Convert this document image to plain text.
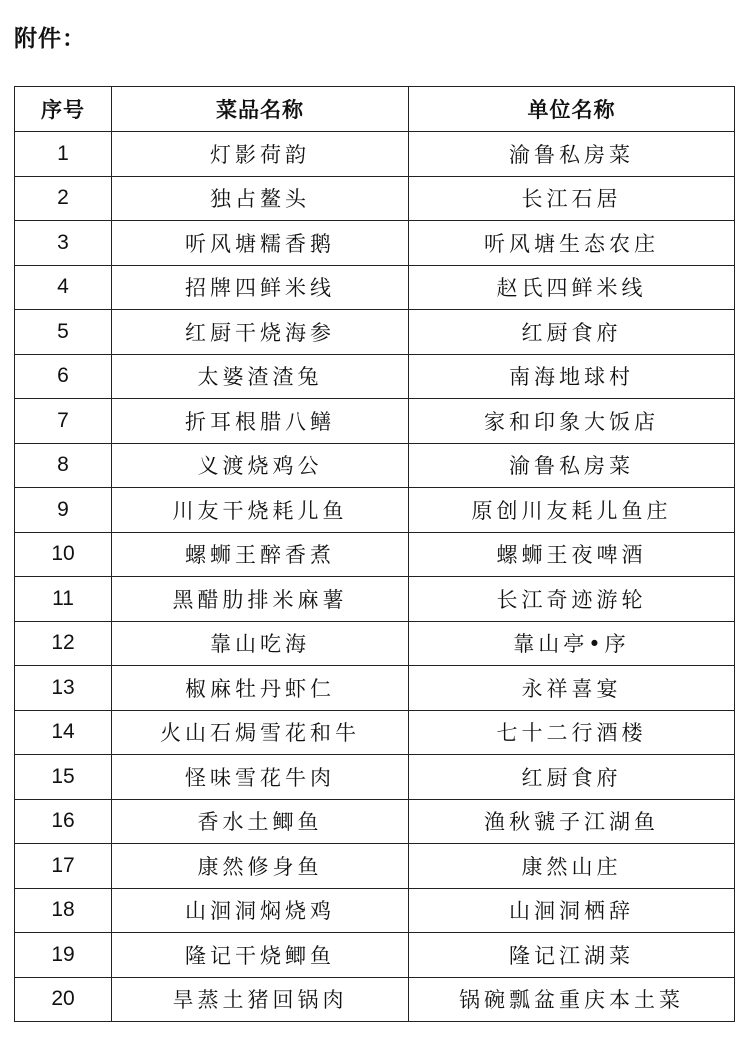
附件：
序号	菜品名称	单位名称
1	灯影荷韵	渝鲁私房菜
2	独占鳌头	长江石居
3	听风塘糯香鹅	听风塘生态农庄
4	招牌四鲜米线	赵氏四鲜米线
5	红厨干烧海参	红厨食府
6	太婆渣渣兔	南海地球村
7	折耳根腊八鳝	家和印象大饭店
8	义渡烧鸡公	渝鲁私房菜
9	川友干烧耗儿鱼	原创川友耗儿鱼庄
10	螺蛳王醉香煮	螺蛳王夜啤酒
11	黑醋肋排米麻薯	长江奇迹游轮
12	靠山吃海	靠山亭•序
13	椒麻牡丹虾仁	永祥喜宴
14	火山石焗雪花和牛	七十二行酒楼
15	怪味雪花牛肉	红厨食府
16	香水土鲫鱼	渔秋虢子江湖鱼
17	康然修身鱼	康然山庄
18	山洄洞焖烧鸡	山洄洞栖辞
19	隆记干烧鲫鱼	隆记江湖菜
20	旱蒸土猪回锅肉	锅碗瓢盆重庆本土菜
